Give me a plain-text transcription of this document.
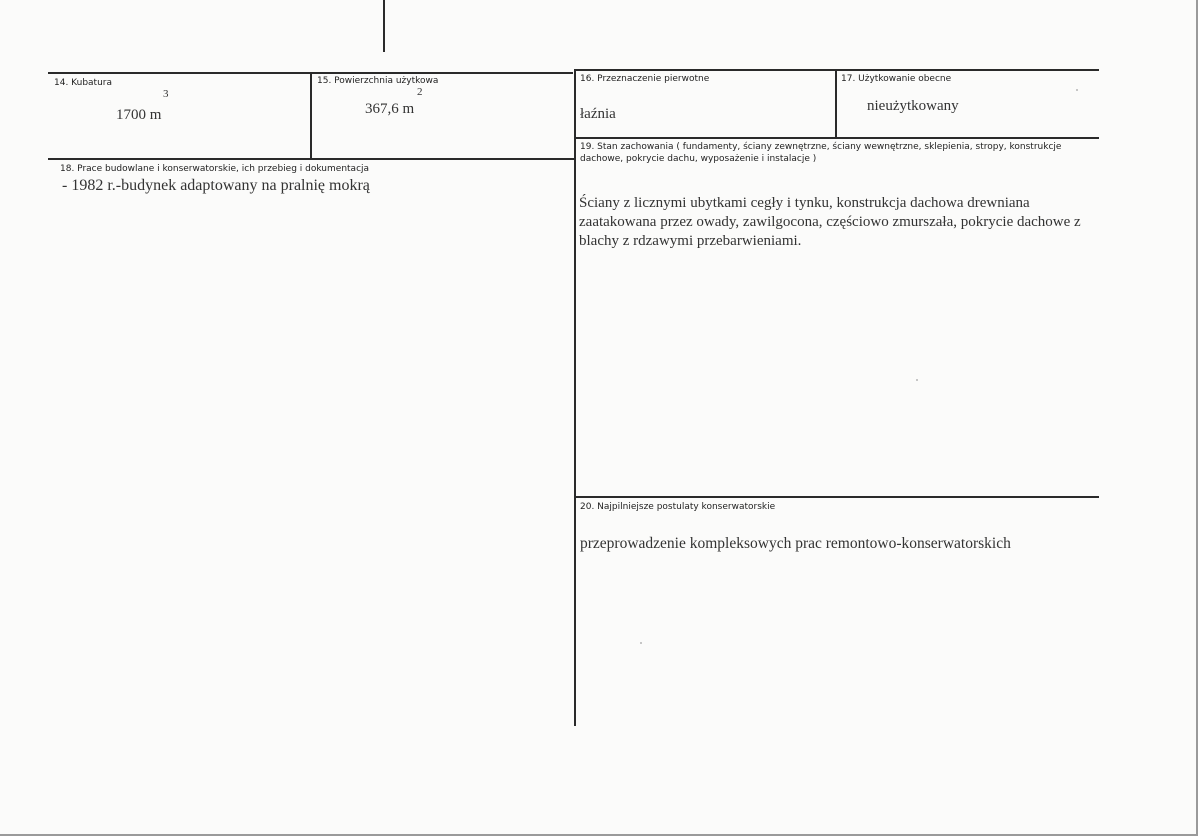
14. Kubatura
3
1700 m
15. Powierzchnia użytkowa
2
367,6 m
16. Przeznaczenie pierwotne
łaźnia
17. Użytkowanie obecne
nieużytkowany
19. Stan zachowania ( fundamenty, ściany zewnętrzne, ściany wewnętrzne, sklepienia, stropy, konstrukcje dachowe, pokrycie dachu, wyposażenie i instalacje )
Ściany z licznymi ubytkami cegły i tynku, konstrukcja dachowa drewniana zaatakowana przez owady, zawilgocona, częściowo zmurszała, pokrycie dachowe z blachy z rdzawymi przebarwieniami.
18. Prace budowlane i konserwatorskie, ich przebieg i dokumentacja
- 1982 r.-budynek adaptowany na pralnię mokrą
20. Najpilniejsze postulaty konserwatorskie
przeprowadzenie kompleksowych prac remontowo-konserwatorskich
